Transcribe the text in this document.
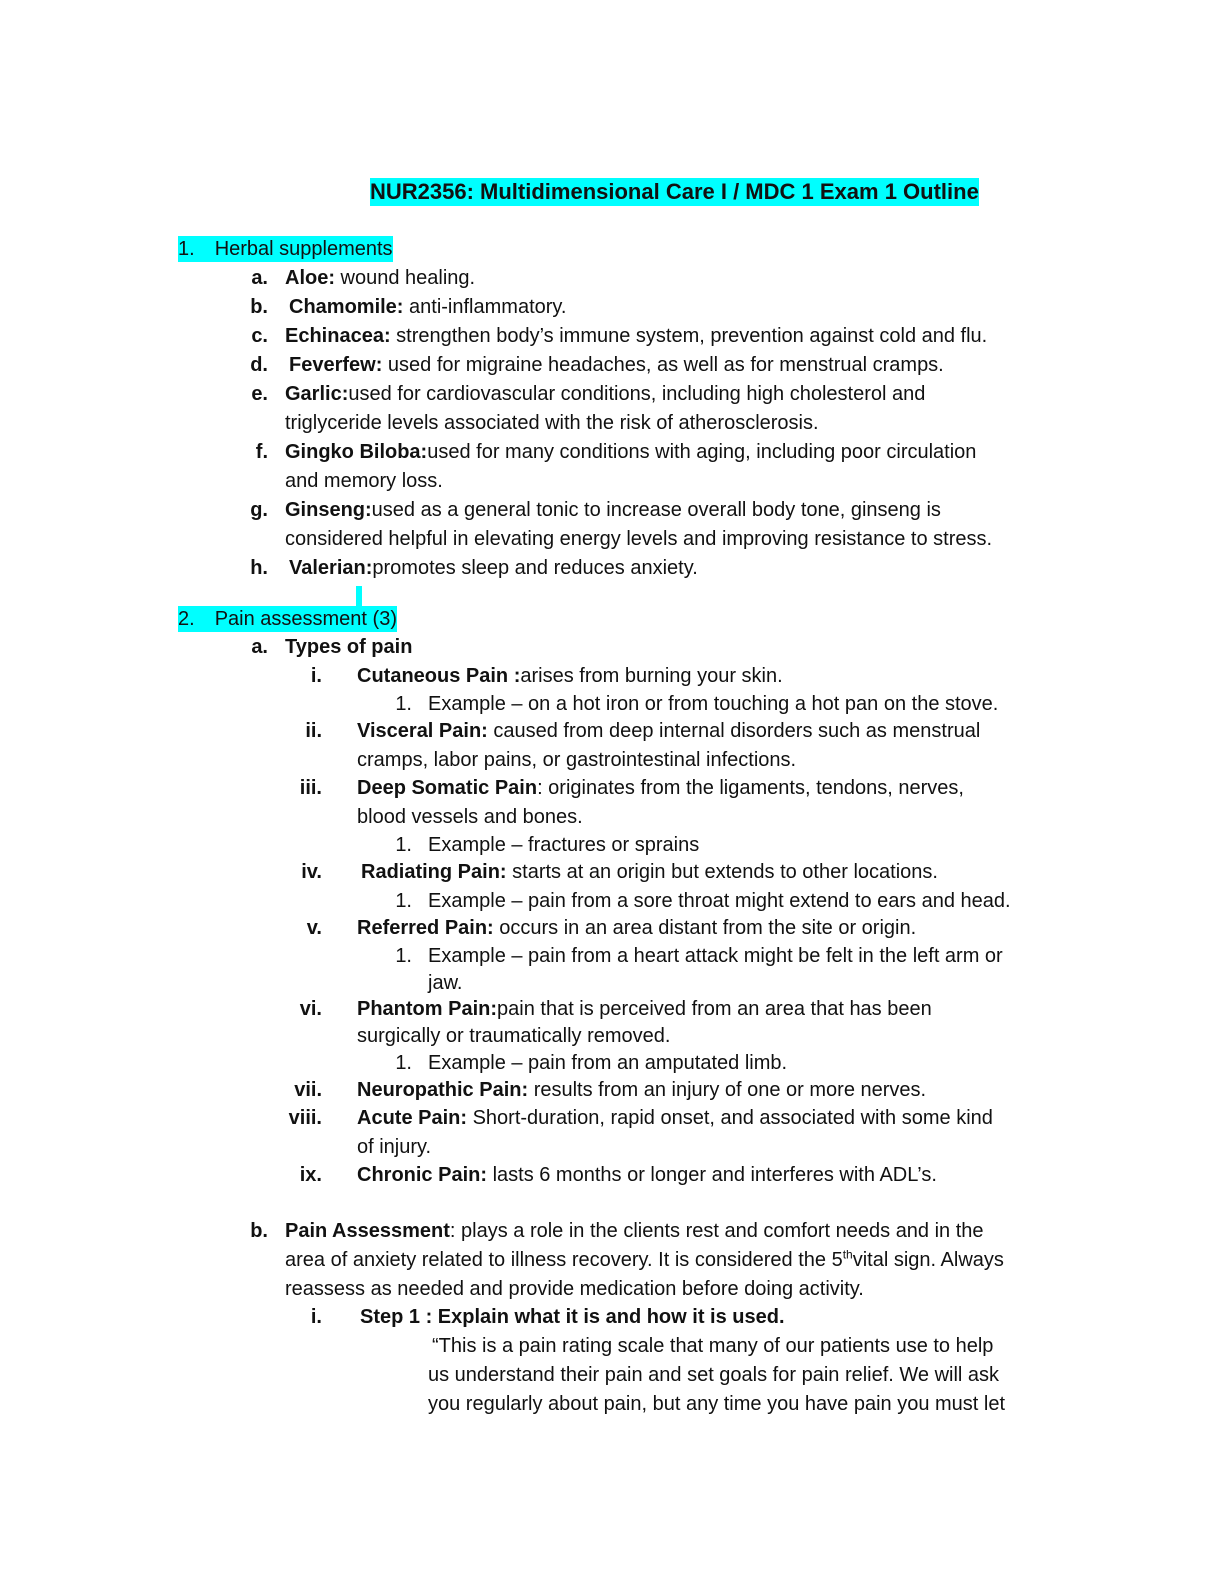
NUR2356: Multidimensional Care I / MDC 1 Exam 1 Outline
1. Herbal supplements
a. Aloe: wound healing.
b. Chamomile: anti-inflammatory.
c. Echinacea: strengthen body’s immune system, prevention against cold and flu.
d. Feverfew: used for migraine headaches, as well as for menstrual cramps.
e. Garlic:used for cardiovascular conditions, including high cholesterol and
triglyceride levels associated with the risk of atherosclerosis.
f. Gingko Biloba:used for many conditions with aging, including poor circulation
and memory loss.
g. Ginseng:used as a general tonic to increase overall body tone, ginseng is
considered helpful in elevating energy levels and improving resistance to stress.
h. Valerian:promotes sleep and reduces anxiety.
2. Pain assessment (3)
a. Types of pain
i. Cutaneous Pain :arises from burning your skin.
1. Example – on a hot iron or from touching a hot pan on the stove.
ii. Visceral Pain: caused from deep internal disorders such as menstrual
cramps, labor pains, or gastrointestinal infections.
iii. Deep Somatic Pain: originates from the ligaments, tendons, nerves,
blood vessels and bones.
1. Example – fractures or sprains
iv. Radiating Pain: starts at an origin but extends to other locations.
1. Example – pain from a sore throat might extend to ears and head.
v. Referred Pain: occurs in an area distant from the site or origin.
1. Example – pain from a heart attack might be felt in the left arm or
jaw.
vi. Phantom Pain:pain that is perceived from an area that has been
surgically or traumatically removed.
1. Example – pain from an amputated limb.
vii. Neuropathic Pain: results from an injury of one or more nerves.
viii. Acute Pain: Short-duration, rapid onset, and associated with some kind
of injury.
ix. Chronic Pain: lasts 6 months or longer and interferes with ADL’s.
b. Pain Assessment: plays a role in the clients rest and comfort needs and in the
area of anxiety related to illness recovery. It is considered the 5thvital sign. Always
reassess as needed and provide medication before doing activity.
i. Step 1 : Explain what it is and how it is used.
“This is a pain rating scale that many of our patients use to help
us understand their pain and set goals for pain relief. We will ask
you regularly about pain, but any time you have pain you must let
